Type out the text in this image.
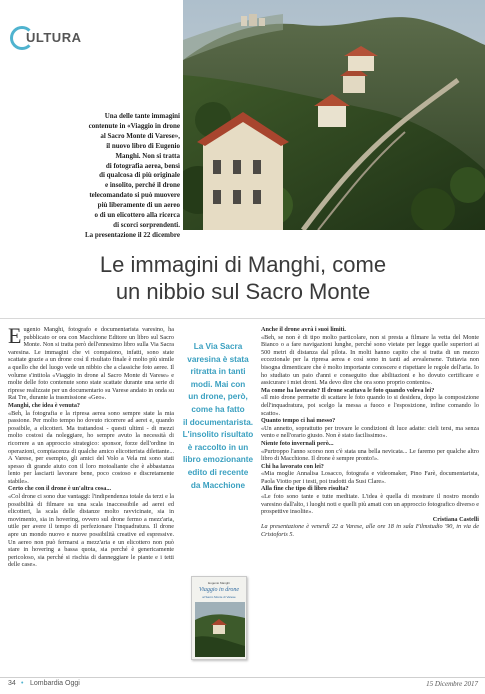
ULTURA
Una delle tante immagini
contenute in «Viaggio in drone
al Sacro Monte di Varese»,
il nuovo libro di Eugenio
Manghi. Non si tratta
di fotografia aerea, bensì
di qualcosa di più originale
e insolito, perché il drone
telecomandato si può muovere
più liberamente di un aereo
o di un elicottero alla ricerca
di scorci sorprendenti.
La presentazione il 22 dicembre
Le immagini di Manghi, come
un nibbio sul Sacro Monte
E ugenio Manghi, fotografo e documentarista varesino, ha pubblicato or ora con Macchione Editore un libro sul Sacro Monte. Non si tratta però dell'ennesimo libro sulla Via Sacra varesina. Le immagini che vi compaiono, infatti, sono state scattate grazie a un drone così il risultato finale è molto più simile a quello che del luogo vede un nibbio che a classiche foto aeree. Il volume s'intitola «Viaggio in drone al Sacro Monte di Varese» e molte delle foto contenute sono state scattate durante una serie di riprese realizzate per un documentario su Varese andato in onda su Rai Tre, durante la trasmissione «Geo».
Manghi, che idea è venuta?
«Beh, la fotografia e la ripresa aerea sono sempre state la mia passione. Per molto tempo ho dovuto ricorrere ad aerei e, quando possibile, a elicotteri. Ma trattandosi - questi ultimi - di mezzi molto costosi da noleggiare, ho sempre avuto la necessità di ricorrere a un approccio strategico: sponsor, forze dell'ordine in operazioni, compiacenza di qualche amico elicotterista dilettante... A Varese, per esempio, gli amici del Volo a Vela mi sono stati spesso di grande aiuto con il loro motoaliante che è abbastanza lento per lasciarti lavorare bene, poco costoso e discretamente stabile».
Certo che con il drone è un'altra cosa...
«Col drone ci sono due vantaggi: l'indipendenza totale da terzi e la possibilità di filmare su una scala inaccessibile ad aerei ed elicotteri, la scala delle distanze molto ravvicinate, sia in movimento, sia in hovering, ovvero sul drone fermo a mezz'aria, utile per avere il tempo di perfezionare l'inquadratura. Il drone apre un mondo nuovo e nuove possibilità creative ed espressive. Un aereo non può fermarsi a mezz'aria e un elicottero non può stare in hovering a bassa quota, sia perché è genericamente pericoloso, sia perché si rischia di danneggiare le piante e i tetti delle case».
La Via Sacra
varesina è stata
ritratta in tanti
modi. Mai con
un drone, però,
come ha fatto
il documentarista.
L'insolito risultato
è raccolto in un
libro emozionante
edito di recente
da Macchione
Eugenio Manghi
Viaggio in drone
al Sacro Monte di Varese
Anche il drone avrà i suoi limiti.
«Beh, se non è di tipo molto particolare, non si presta a filmare la vetta del Monte Bianco o a fare navigazioni lunghe, perché sono vietate per legge quelle superiori ai 500 metri di distanza dal pilota. In molti hanno capito che si tratta di un mezzo eccezionale per la ripresa aerea e così sono in tanti ad avvalersene. Tuttavia non bisogna dimenticare che è molto importante conoscere e rispettare le regole dell'aria. Io ho studiato un paio d'anni e conseguito due abilitazioni e ho dovuto certificare e assicurare i miei droni. Ma devo dire che ora sono proprio contento».
Ma come ha lavorato? Il drone scattava le foto quando voleva lei?
«Il mio drone permette di scattare le foto quando io si desidera, dopo la composizione dell'inquadratura, poi scelgo la messa a fuoco e l'esposizione, infine comando lo scatto».
Quanto tempo ci hai messo?
«Un annetto, soprattutto per trovare le condizioni di luce adatte: cieli tersi, ma senza vento e nell'orario giusto. Non è stato facilissimo».
Niente foto invernali però...
«Purtroppo l'anno scorso non c'è stata una bella nevicata... Le faremo per qualche altro libro di Macchione. Il drone è sempre pronto!».
Chi ha lavorato con lei?
«Mia moglie Annalisa Losacco, fotografa e videomaker, Pino Farè, documentarista, Paola Viotto per i testi, poi tradotti da Susi Clare».
Alla fine che tipo di libro risulta?
«Le foto sono tante e tutte meditate. L'idea è quella di mostrare il nostro mondo varesino dall'alto, i luoghi noti e quelli più amati con un approccio fotografico diverso e prospettive insolite».
Cristiana Castelli
La presentazione è venerdì 22 a Varese, alle ore 18 in sala Filmstudio '90, in via de Cristoforis 5.
34 • Lombardia Oggi	15 Dicembre 2017
